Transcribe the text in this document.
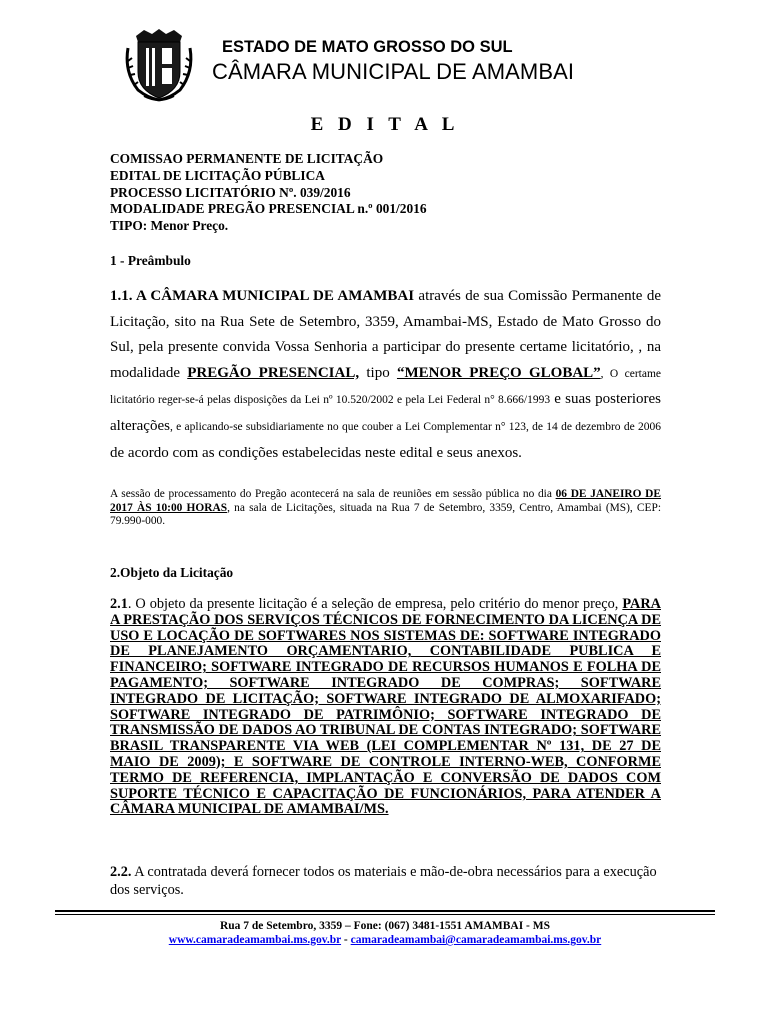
ESTADO DE MATO GROSSO DO SUL
CÂMARA MUNICIPAL DE AMAMBAI
E D I T A L
COMISSAO PERMANENTE DE LICITAÇÃO
EDITAL DE LICITAÇÃO PÚBLICA
PROCESSO LICITATÓRIO Nº. 039/2016
MODALIDADE PREGÃO PRESENCIAL n.º 001/2016
TIPO: Menor Preço.
1 - Preâmbulo
1.1. A CÂMARA MUNICIPAL DE AMAMBAI através de sua Comissão Permanente de Licitação, sito na Rua Sete de Setembro, 3359, Amambai-MS, Estado de Mato Grosso do Sul, pela presente convida Vossa Senhoria a participar do presente certame licitatório, , na modalidade PREGÃO PRESENCIAL, tipo “MENOR PREÇO GLOBAL”, O certame licitatório reger-se-á pelas disposições da Lei nº 10.520/2002 e pela Lei Federal n° 8.666/1993 e suas posteriores alterações, e aplicando-se subsidiariamente no que couber a Lei Complementar n° 123, de 14 de dezembro de 2006 de acordo com as condições estabelecidas neste edital e seus anexos.
A sessão de processamento do Pregão acontecerá na sala de reuniões em sessão pública no dia 06 DE JANEIRO DE 2017 ÀS 10:00 HORAS, na sala de Licitações, situada na Rua 7 de Setembro, 3359, Centro, Amambai (MS), CEP: 79.990-000.
2.Objeto da Licitação
2.1. O objeto da presente licitação é a seleção de empresa, pelo critério do menor preço, PARA A PRESTAÇÃO DOS SERVIÇOS TÉCNICOS DE FORNECIMENTO DA LICENÇA DE USO E LOCAÇÃO DE SOFTWARES NOS SISTEMAS DE: SOFTWARE INTEGRADO DE PLANEJAMENTO ORÇAMENTARIO, CONTABILIDADE PUBLICA E FINANCEIRO; SOFTWARE INTEGRADO DE RECURSOS HUMANOS E FOLHA DE PAGAMENTO; SOFTWARE INTEGRADO DE COMPRAS; SOFTWARE INTEGRADO DE LICITAÇÃO; SOFTWARE INTEGRADO DE ALMOXARIFADO; SOFTWARE INTEGRADO DE PATRIMÔNIO; SOFTWARE INTEGRADO DE TRANSMISSÃO DE DADOS AO TRIBUNAL DE CONTAS INTEGRADO; SOFTWARE BRASIL TRANSPARENTE VIA WEB (LEI COMPLEMENTAR Nº 131, DE 27 DE MAIO DE 2009); E SOFTWARE DE CONTROLE INTERNO-WEB, CONFORME TERMO DE REFERENCIA, IMPLANTAÇÃO E CONVERSÃO DE DADOS COM SUPORTE TÉCNICO E CAPACITAÇÃO DE FUNCIONÁRIOS, PARA ATENDER A CÂMARA MUNICIPAL DE AMAMBAI/MS.
2.2. A contratada deverá fornecer todos os materiais e mão-de-obra necessários para a execução dos serviços.
Rua 7 de Setembro, 3359 – Fone: (067) 3481-1551 AMAMBAI - MS
www.camaradeamambai.ms.gov.br - camaradeamambai@camaradeamambai.ms.gov.br
